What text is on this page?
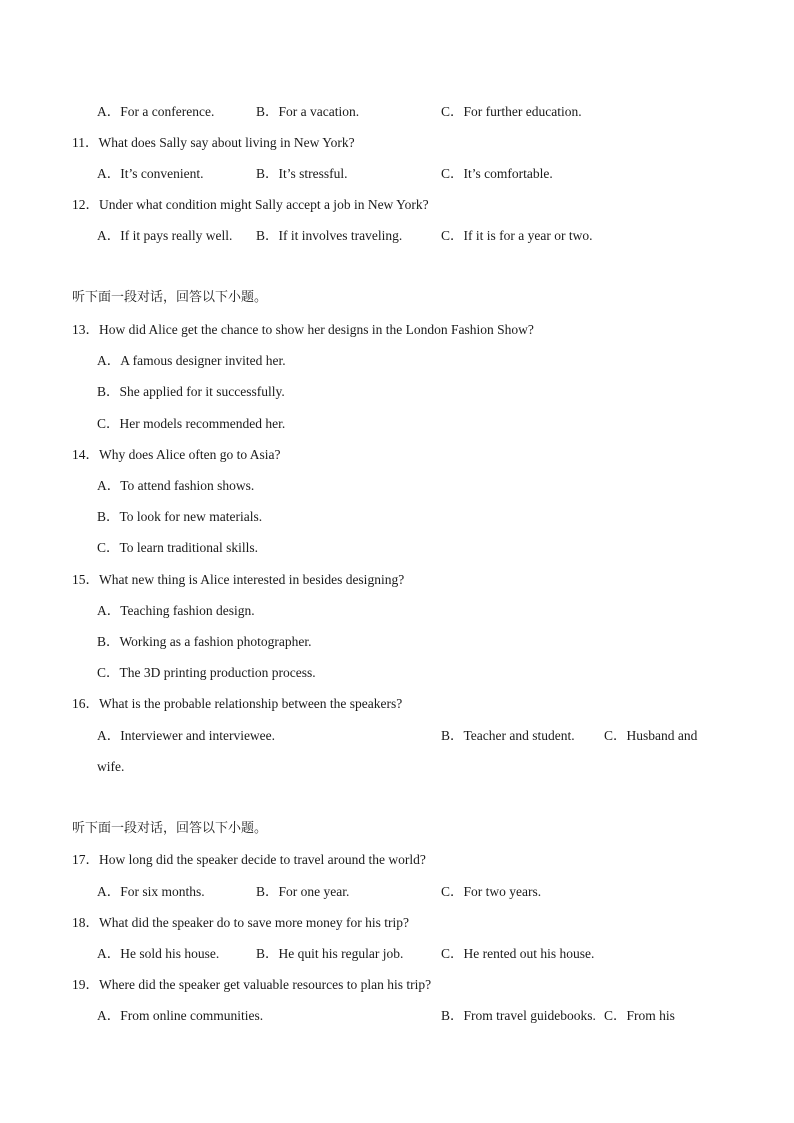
A．For a conference.	B．For a vacation.	C．For further education.
11．What does Sally say about living in New York?
A．It’s convenient.	B．It’s stressful.	C．It’s comfortable.
12．Under what condition might Sally accept a job in New York?
A．If it pays really well. B．If it involves traveling.	C．If it is for a year or two.
听下面一段对话，回答以下小题。
13．How did Alice get the chance to show her designs in the London Fashion Show?
A．A famous designer invited her.
B．She applied for it successfully.
C．Her models recommended her.
14．Why does Alice often go to Asia?
A．To attend fashion shows.
B．To look for new materials.
C．To learn traditional skills.
15．What new thing is Alice interested in besides designing?
A．Teaching fashion design.
B．Working as a fashion photographer.
C．The 3D printing production process.
16．What is the probable relationship between the speakers?
A．Interviewer and interviewee.	B．Teacher and student. C．Husband and
wife.
听下面一段对话，回答以下小题。
17．How long did the speaker decide to travel around the world?
A．For six months.	B．For one year.	C．For two years.
18．What did the speaker do to save more money for his trip?
A．He sold his house.	B．He quit his regular job.	C．He rented out his house.
19．Where did the speaker get valuable resources to plan his trip?
A．From online communities.	B．From travel guidebooks. C．From his
